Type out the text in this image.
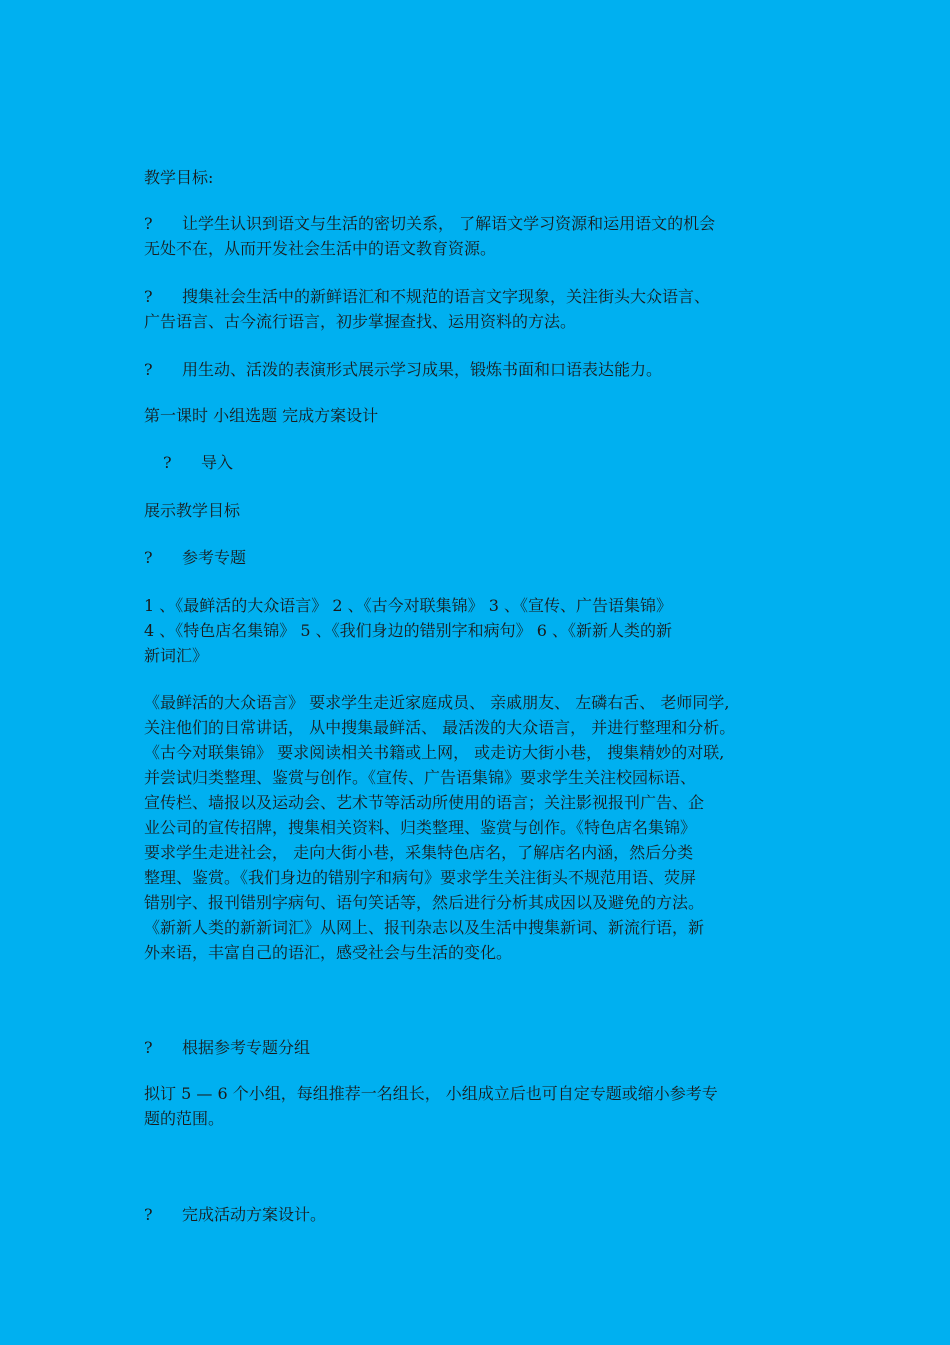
教学目标:
? 让学生认识到语文与生活的密切关系， 了解语文学习资源和运用语文的机会
无处不在，从而开发社会生活中的语文教育资源。
? 搜集社会生活中的新鲜语汇和不规范的语言文字现象，关注街头大众语言、
广告语言、古今流行语言，初步掌握查找、运用资料的方法。
? 用生动、活泼的表演形式展示学习成果，锻炼书面和口语表达能力。
第一课时 小组选题 完成方案设计
? 导入
展示教学目标
? 参考专题
1 、《最鲜活的大众语言》 2 、《古今对联集锦》 3 、《宣传、广告语集锦》
4 、《特色店名集锦》 5 、《我们身边的错别字和病句》 6 、《新新人类的新
新词汇》
《最鲜活的大众语言》 要求学生走近家庭成员、 亲戚朋友、 左磷右舌、 老师同学,
关注他们的日常讲话， 从中搜集最鲜活、 最活泼的大众语言， 并进行整理和分析。
《古今对联集锦》 要求阅读相关书籍或上网， 或走访大街小巷， 搜集精妙的对联,
并尝试归类整理、鉴赏与创作。《宣传、广告语集锦》要求学生关注校园标语、
宣传栏、墙报以及运动会、艺术节等活动所使用的语言；关注影视报刊广告、企
业公司的宣传招牌，搜集相关资料、归类整理、鉴赏与创作。《特色店名集锦》
要求学生走进社会， 走向大街小巷，采集特色店名，了解店名内涵，然后分类
整理、鉴赏。《我们身边的错别字和病句》要求学生关注街头不规范用语、荧屏
错别字、报刊错别字病句、语句笑话等，然后进行分析其成因以及避免的方法。
《新新人类的新新词汇》从网上、报刊杂志以及生活中搜集新词、新流行语，新
外来语，丰富自己的语汇，感受社会与生活的变化。
? 根据参考专题分组
拟订 5 — 6 个小组，每组推荐一名组长， 小组成立后也可自定专题或缩小参考专
题的范围。
? 完成活动方案设计。
